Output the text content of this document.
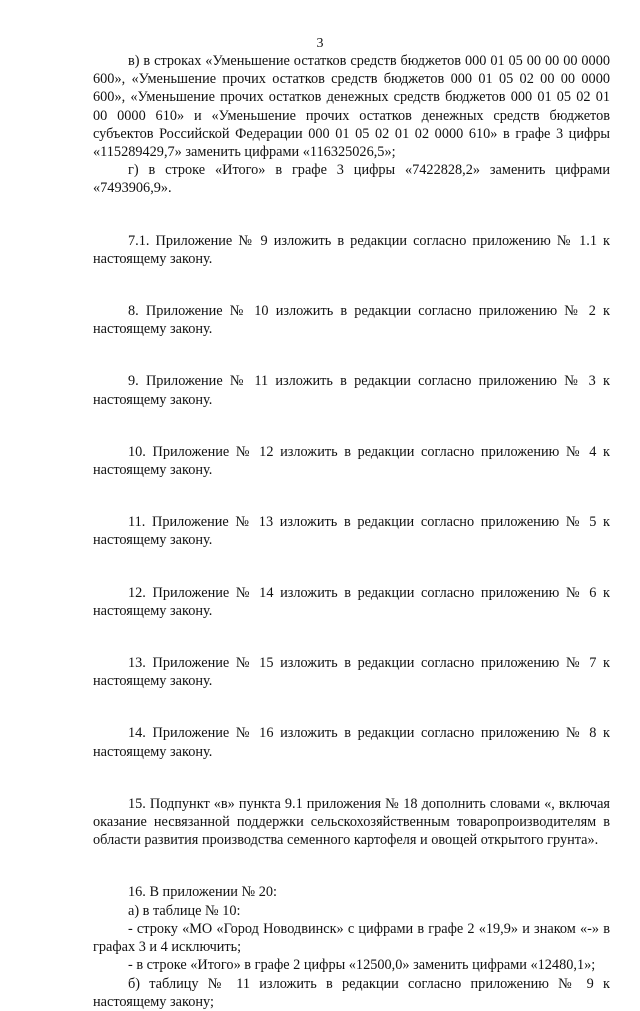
3

в) в строках «Уменьшение остатков средств бюджетов 000 01 05 00 00 00 0000 600», «Уменьшение прочих остатков средств бюджетов 000 01 05 02 00 00 0000 600», «Уменьшение прочих остатков денежных средств бюджетов 000 01 05 02 01 00 0000 610» и «Уменьшение прочих остатков денежных средств бюджетов субъектов Российской Федерации 000 01 05 02 01 02 0000 610» в графе 3 цифры «115289429,7» заменить цифрами «116325026,5»;

г) в строке «Итого» в графе 3 цифры «7422828,2» заменить цифрами «7493906,9».

7.1. Приложение № 9 изложить в редакции согласно приложению № 1.1 к настоящему закону.

8. Приложение № 10 изложить в редакции согласно приложению № 2 к настоящему закону.

9. Приложение № 11 изложить в редакции согласно приложению № 3 к настоящему закону.

10. Приложение № 12 изложить в редакции согласно приложению № 4 к настоящему закону.

11. Приложение № 13 изложить в редакции согласно приложению № 5 к настоящему закону.

12. Приложение № 14 изложить в редакции согласно приложению № 6 к настоящему закону.

13. Приложение № 15 изложить в редакции согласно приложению № 7 к настоящему закону.

14. Приложение № 16 изложить в редакции согласно приложению № 8 к настоящему закону.

15. Подпункт «в» пункта 9.1 приложения № 18 дополнить словами «, включая оказание несвязанной поддержки сельскохозяйственным товаропроизводителям в области развития производства семенного картофеля и овощей открытого грунта».

16. В приложении № 20:

а) в таблице № 10:

- строку «МО «Город Новодвинск» с цифрами в графе 2 «19,9» и знаком «-» в графах 3 и 4 исключить;

- в строке «Итого» в графе 2 цифры «12500,0» заменить цифрами «12480,1»;

б) таблицу № 11 изложить в редакции согласно приложению № 9 к настоящему закону;
